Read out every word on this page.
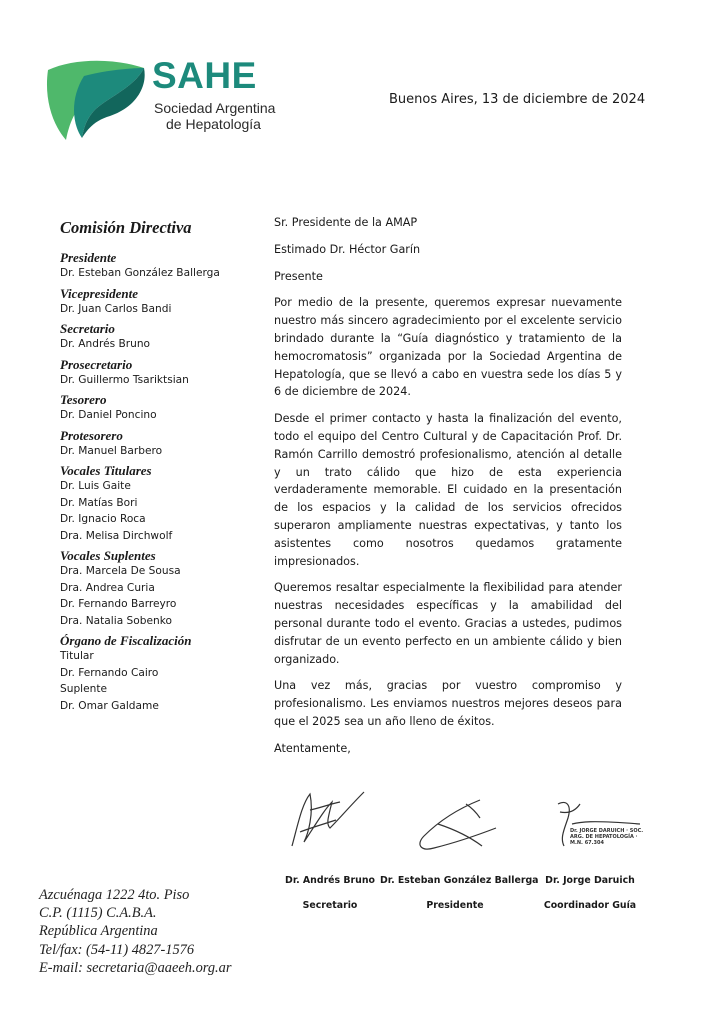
SAHE
Sociedad Argentina
de Hepatología
Buenos Aires, 13 de diciembre de 2024
Comisión Directiva
Presidente
Dr. Esteban González Ballerga
Vicepresidente
Dr. Juan Carlos Bandi
Secretario
Dr. Andrés Bruno
Prosecretario
Dr. Guillermo Tsariktsian
Tesorero
Dr. Daniel Poncino
Protesorero
Dr. Manuel Barbero
Vocales Titulares
Dr. Luis Gaite
Dr. Matías Bori
Dr. Ignacio Roca
Dra. Melisa Dirchwolf
Vocales Suplentes
Dra. Marcela De Sousa
Dra. Andrea Curia
Dr. Fernando Barreyro
Dra. Natalia Sobenko
Órgano de Fiscalización
Titular
Dr. Fernando Cairo
Suplente
Dr. Omar Galdame

Sr. Presidente de la AMAP

Estimado Dr. Héctor Garín

Presente

Por medio de la presente, queremos expresar nuevamente nuestro más sincero agradecimiento por el excelente servicio brindado durante la “Guía diagnóstico y tratamiento de la hemocromatosis” organizada por la Sociedad Argentina de Hepatología, que se llevó a cabo en vuestra sede los días 5 y 6 de diciembre de 2024.

Desde el primer contacto y hasta la finalización del evento, todo el equipo del Centro Cultural y de Capacitación Prof. Dr. Ramón Carrillo demostró profesionalismo, atención al detalle y un trato cálido que hizo de esta experiencia verdaderamente memorable. El cuidado en la presentación de los espacios y la calidad de los servicios ofrecidos superaron ampliamente nuestras expectativas, y tanto los asistentes como nosotros quedamos gratamente impresionados.

Queremos resaltar especialmente la flexibilidad para atender nuestras necesidades específicas y la amabilidad del personal durante todo el evento. Gracias a ustedes, pudimos disfrutar de un evento perfecto en un ambiente cálido y bien organizado.

Una vez más, gracias por vuestro compromiso y profesionalismo. Les enviamos nuestros mejores deseos para que el 2025 sea un año lleno de éxitos.

Atentamente,

Dr. JORGE DARUICH · SOC. ARG. DE HEPATOLOGÍA · M.N. 67.304
Dr. Andrés Bruno
Secretario
Dr. Esteban González Ballerga
Presidente
Dr. Jorge Daruich
Coordinador Guía
Azcuénaga 1222 4to. Piso
C.P. (1115) C.A.B.A.
República Argentina
Tel/fax: (54-11) 4827-1576
E-mail: secretaria@aaeeh.org.ar
